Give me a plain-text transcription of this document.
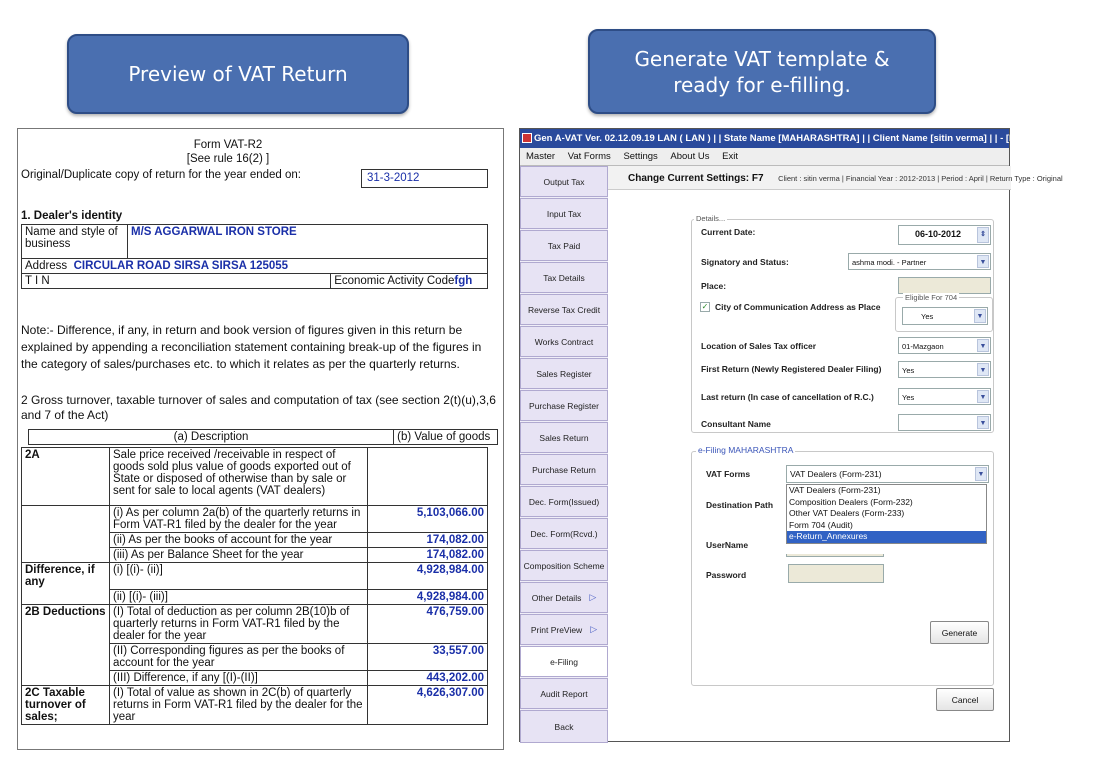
Preview of VAT Return
Generate VAT template & ready for e-filling.
Form VAT-R2
[See rule 16(2) ]
Original/Duplicate copy of return for the year ended on:	31-3-2012
1. Dealer's identity
Name and style of business	M/S AGGARWAL IRON STORE	
Address CIRCULAR ROAD SIRSA SIRSA 125055		
T I N		Economic Activity Codefgh
Note:- Difference, if any, in return and book version of figures given in this return be explained by appending a reconciliation statement containing break-up of the figures in the category of sales/purchases etc. to which it relates as per the quarterly returns.
2 Gross turnover, taxable turnover of sales and computation of tax (see section 2(t)(u),3,6 and 7 of the Act)
(a) Description	(b) Value of goods
2A	Sale price received /receivable in respect of goods sold plus value of goods exported out of State or disposed of otherwise than by sale or sent for sale to local agents (VAT dealers)	
	(i) As per column 2a(b) of the quarterly returns in Form VAT-R1 filed by the dealer for the year	5,103,066.00
	(ii) As per the books of account for the year	174,082.00
	(iii) As per Balance Sheet for the year	174,082.00
Difference, if any	(i) [(i)- (ii)]	4,928,984.00
	(ii) [(i)- (iii)]	4,928,984.00
2B Deductions	(I) Total of deduction as per column 2B(10)b of quarterly returns in Form VAT-R1 filed by the dealer for the year	476,759.00
	(II) Corresponding figures as per the books of account for the year	33,557.00
	(III) Difference, if any [(I)-(II)]	443,202.00
2C Taxable turnover of sales;	(I) Total of value as shown in 2C(b) of quarterly returns in Form VAT-R1 filed by the dealer for the year	4,626,307.00
Gen A-VAT Ver. 02.12.09.19 LAN ( LAN ) | | State Name [MAHARASHTRA] | | Client Name [sitin verma] | | - [Return Form Data Entry]
Master Vat Forms Settings About Us Exit
Output Tax
Input Tax
Tax Paid
Tax Details
Reverse Tax Credit
Works Contract
Sales Register
Purchase Register
Sales Return
Purchase Return
Dec. Form(Issued)
Dec. Form(Rcvd.)
Composition Scheme
Other Details ▷
Print PreView ▷
e-Filing
Audit Report
Back
Change Current Settings: F7 Client : sitin verma | Financial Year : 2012-2013 | Period : April | Return Type : Original
Details...
Current Date:	06-10-2012	⇕
Signatory and Status:	ashma modi. - Partner	▼
Place:
✓ City of Communication Address as Place
Eligible For 704
Yes	▼
Location of Sales Tax officer	01-Mazgaon	▼
First Return (Newly Registered Dealer Filing)	Yes	▼
Last return (In case of cancellation of R.C.)	Yes	▼
Consultant Name	▼
e-Filing MAHARASHTRA
VAT Forms	VAT Dealers (Form-231)	▼
VAT Dealers (Form-231)
Composition Dealers (Form-232)
Other VAT Dealers (Form-233)
Form 704 (Audit)
e-Return_Annexures
Destination Path
UserName
Password
Generate
Cancel
